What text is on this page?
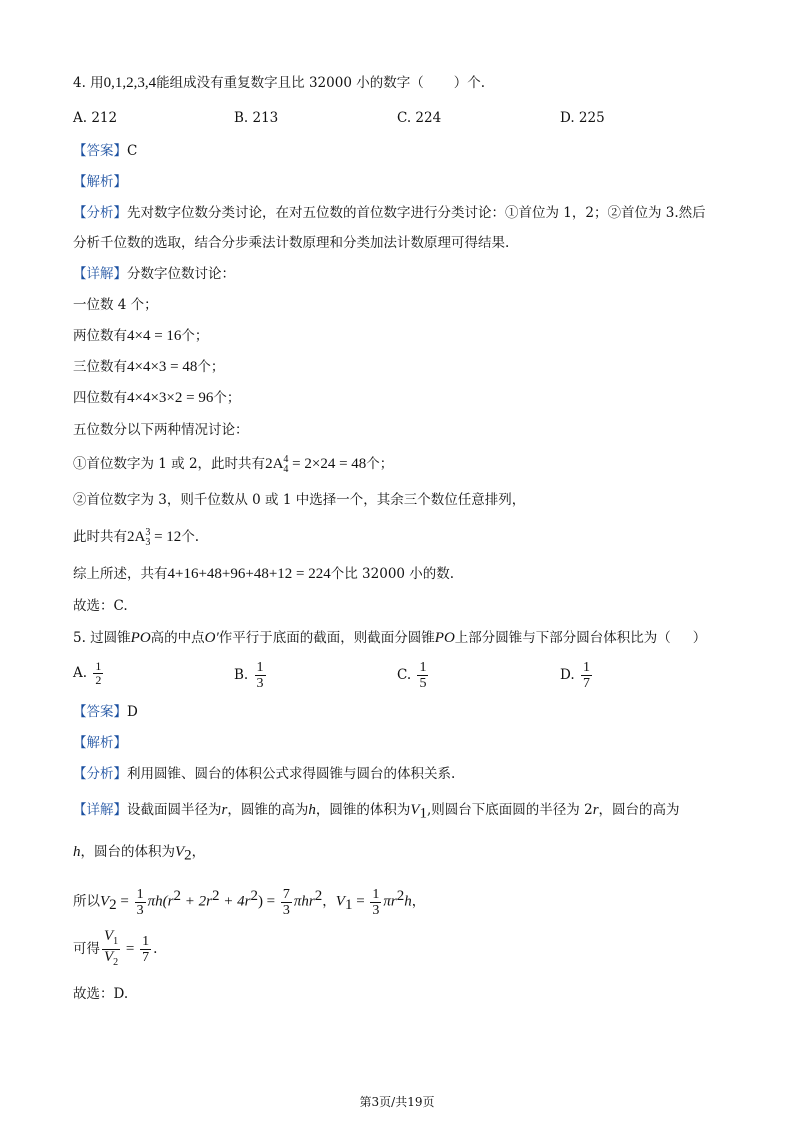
4. 用0,1,2,3,4能组成没有重复数字且比 32000 小的数字（ ）个.
A. 212	B. 213	C. 224	D. 225
【答案】C
【解析】
【分析】先对数字位数分类讨论，在对五位数的首位数字进行分类讨论：①首位为 1，2；②首位为 3.然后
分析千位数的选取，结合分步乘法计数原理和分类加法计数原理可得结果.
【详解】分数字位数讨论：
一位数 4 个；
两位数有4×4 = 16个；
三位数有4×4×3 = 48个；
四位数有4×4×3×2 = 96个；
五位数分以下两种情况讨论：
①首位数字为 1 或 2，此时共有2A 4
4 = 2×24 = 48个；
②首位数字为 3，则千位数从 0 或 1 中选择一个，其余三个数位任意排列，
此时共有2A 3
3 = 12个.
综上所述，共有4+16+48+96+48+12 = 224个比 32000 小的数.
故选：C.
5. 过圆锥PO高的中点O′作平行于底面的截面，则截面分圆锥PO上部分圆锥与下部分圆台体积比为（ ）
A. $\frac{1}{2}$	B. $\frac{1}{3}$	C. $\frac{1}{5}$	D. $\frac{1}{7}$
【答案】D
【解析】
【分析】利用圆锥、圆台的体积公式求得圆锥与圆台的体积关系.
【详解】设截面圆半径为r，圆锥的高为h，圆锥的体积为$V_1$,则圆台下底面圆的半径为 2r，圆台的高为
h，圆台的体积为$V_2$，
所以$V_2 = \frac{1}{3} \pi h(r^2 + 2r^2 + 4r^2) = \frac{7}{3} \pi hr^2$，$V_1 = \frac{1}{3} \pi r^2h$，
可得 $\frac{V_1}{V_2} = \frac{1}{7}$ .
故选：D.
第3页/共19页
